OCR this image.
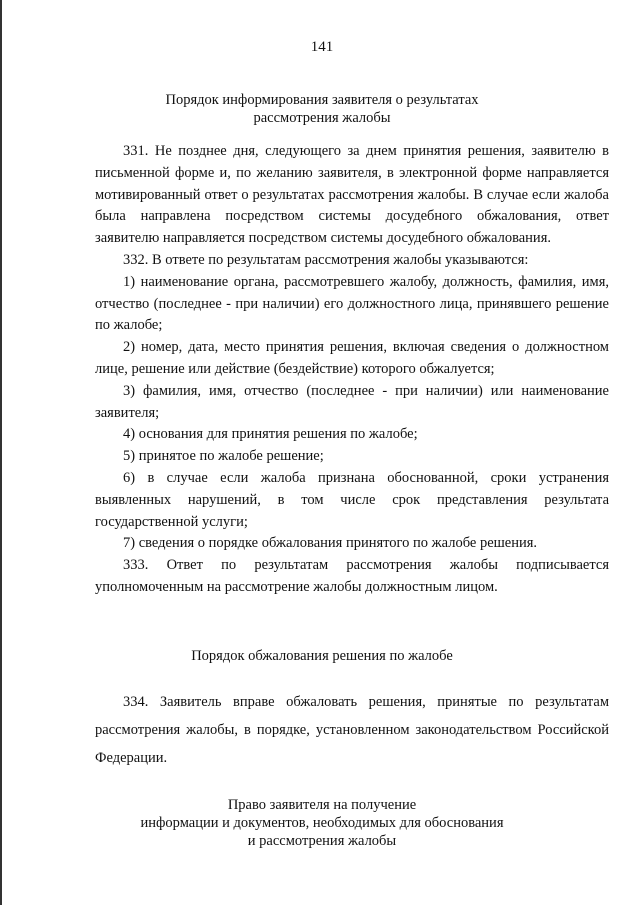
141
Порядок информирования заявителя о результатах
рассмотрения жалобы

331. Не позднее дня, следующего за днем принятия решения, заявителю в письменной форме и, по желанию заявителя, в электронной форме направляется мотивированный ответ о результатах рассмотрения жалобы. В случае если жалоба была направлена посредством системы досудебного обжалования, ответ заявителю направляется посредством системы досудебного обжалования.

332. В ответе по результатам рассмотрения жалобы указываются:

1) наименование органа, рассмотревшего жалобу, должность, фамилия, имя, отчество (последнее - при наличии) его должностного лица, принявшего решение по жалобе;

2) номер, дата, место принятия решения, включая сведения о должностном лице, решение или действие (бездействие) которого обжалуется;

3) фамилия, имя, отчество (последнее - при наличии) или наименование заявителя;

4) основания для принятия решения по жалобе;

5) принятое по жалобе решение;

6) в случае если жалоба признана обоснованной, сроки устранения выявленных нарушений, в том числе срок представления результата государственной услуги;

7) сведения о порядке обжалования принятого по жалобе решения.

333. Ответ по результатам рассмотрения жалобы подписывается уполномоченным на рассмотрение жалобы должностным лицом.

Порядок обжалования решения по жалобе

334. Заявитель вправе обжаловать решения, принятые по результатам рассмотрения жалобы, в порядке, установленном законодательством Российской Федерации.

Право заявителя на получение
информации и документов, необходимых для обоснования
и рассмотрения жалобы
